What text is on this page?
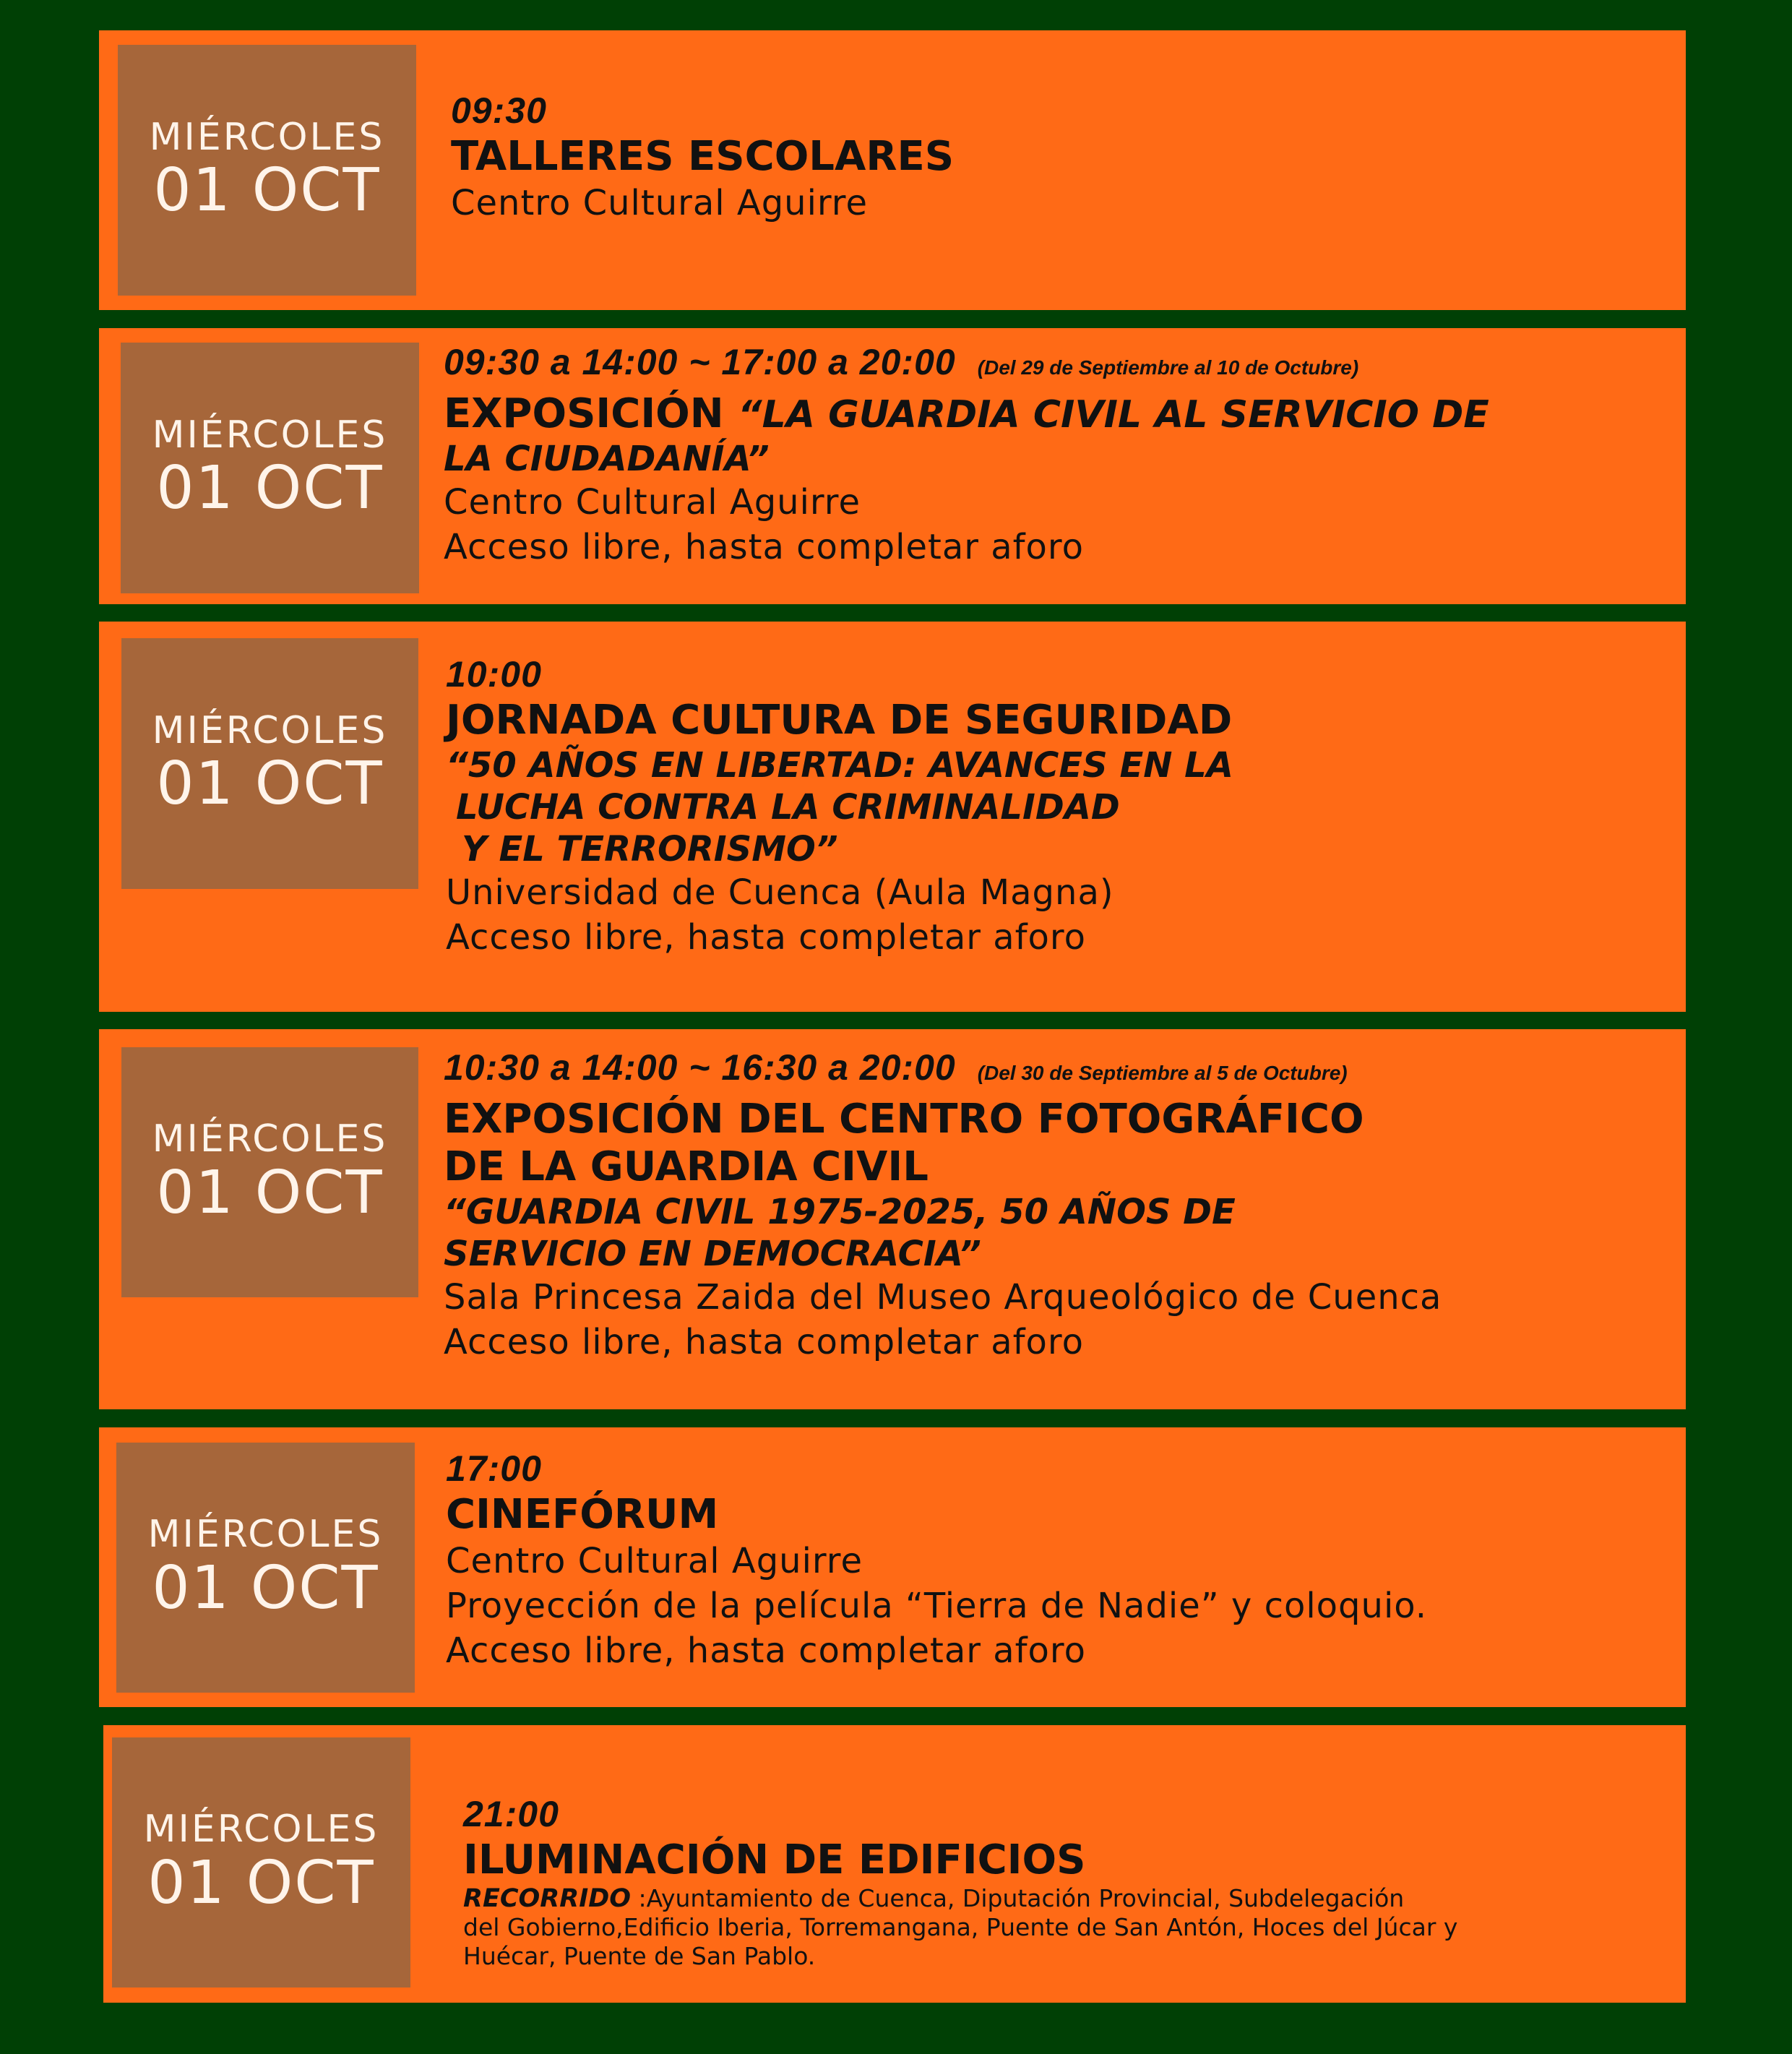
MIÉRCOLES
01 OCT
09:30
TALLERES ESCOLARES
Centro Cultural Aguirre
MIÉRCOLES
01 OCT
09:30 a 14:00 ~ 17:00 a 20:00 (Del 29 de Septiembre al 10 de Octubre)
EXPOSICIÓN “LA GUARDIA CIVIL AL SERVICIO DE
LA CIUDADANÍA”
Centro Cultural Aguirre
Acceso libre, hasta completar aforo
MIÉRCOLES
01 OCT
10:00
JORNADA CULTURA DE SEGURIDAD
“50 AÑOS EN LIBERTAD: AVANCES EN LA
LUCHA CONTRA LA CRIMINALIDAD
Y EL TERRORISMO”
Universidad de Cuenca (Aula Magna)
Acceso libre, hasta completar aforo
MIÉRCOLES
01 OCT
10:30 a 14:00 ~ 16:30 a 20:00 (Del 30 de Septiembre al 5 de Octubre)
EXPOSICIÓN DEL CENTRO FOTOGRÁFICO
DE LA GUARDIA CIVIL
“GUARDIA CIVIL 1975-2025, 50 AÑOS DE
SERVICIO EN DEMOCRACIA”
Sala Princesa Zaida del Museo Arqueológico de Cuenca
Acceso libre, hasta completar aforo
MIÉRCOLES
01 OCT
17:00
CINEFÓRUM
Centro Cultural Aguirre
Proyección de la película “Tierra de Nadie” y coloquio.
Acceso libre, hasta completar aforo
MIÉRCOLES
01 OCT
21:00
ILUMINACIÓN DE EDIFICIOS
RECORRIDO :Ayuntamiento de Cuenca, Diputación Provincial, Subdelegación
del Gobierno,Edificio Iberia, Torremangana, Puente de San Antón, Hoces del Júcar y
Huécar, Puente de San Pablo.
